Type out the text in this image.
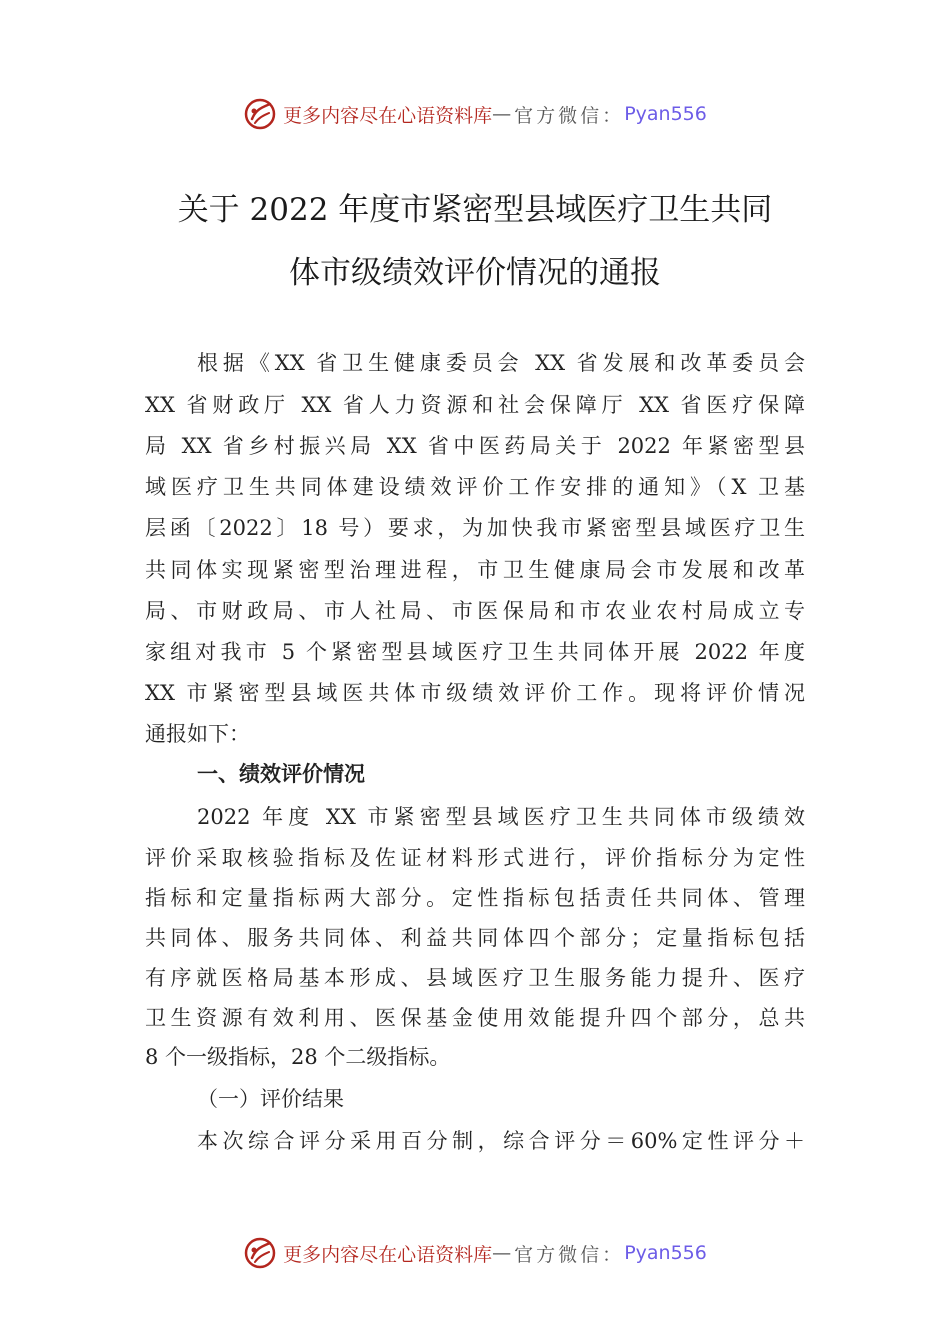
更多内容尽在心语资料库 — 官方微信： Pyan556
关于 2022 年度市紧密型县域医疗卫生共同
体市级绩效评价情况的通报
根据《XX 省卫生健康委员会 XX 省发展和改革委员会
XX 省财政厅 XX 省人力资源和社会保障厅 XX 省医疗保障
局 XX 省乡村振兴局 XX 省中医药局关于 2022 年紧密型县
域医疗卫生共同体建设绩效评价工作安排的通知》（X 卫基
层函〔2022〕18 号）要求，为加快我市紧密型县域医疗卫生
共同体实现紧密型治理进程，市卫生健康局会市发展和改革
局、市财政局、市人社局、市医保局和市农业农村局成立专
家组对我市 5 个紧密型县域医疗卫生共同体开展 2022 年度
XX 市紧密型县域医共体市级绩效评价工作。现将评价情况
通报如下：
一、绩效评价情况
2022 年度 XX 市紧密型县域医疗卫生共同体市级绩效
评价采取核验指标及佐证材料形式进行，评价指标分为定性
指标和定量指标两大部分。定性指标包括责任共同体、管理
共同体、服务共同体、利益共同体四个部分；定量指标包括
有序就医格局基本形成、县域医疗卫生服务能力提升、医疗
卫生资源有效利用、医保基金使用效能提升四个部分，总共
8 个一级指标，28 个二级指标。
（一）评价结果
本次综合评分采用百分制，综合评分＝60%定性评分＋
更多内容尽在心语资料库 — 官方微信： Pyan556
